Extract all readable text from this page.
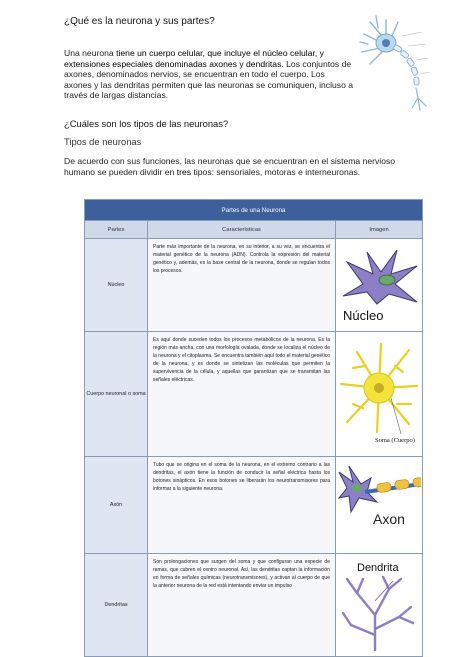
¿Qué es la neurona y sus partes?
Una neurona tiene un cuerpo celular, que incluye el núcleo celular, y extensiones especiales denominadas axones y dendritas. Los conjuntos de axones, denominados nervios, se encuentran en todo el cuerpo. Los axones y las dendritas permiten que las neuronas se comuniquen, incluso a través de largas distancias.
¿Cuáles son los tipos de las neuronas?
Tipos de neuronas
De acuerdo con sus funciones, las neuronas que se encuentran en el sistema nervioso humano se pueden dividir en tres tipos: sensoriales, motoras e interneuronas.
Partes de una Neurona		
Partes	Características	Imagen
Núcleo	Parte más importante de la neurona, en su interior, a su vez, se encuentra el material genético de la neurona (ADN). Controla la expresión del material genético y, además, es la base central de la neurona, donde se regulan todos los procesos.	Núcleo

Cuerpo neuronal o soma	Es aquí donde suceden todos los procesos metabólicos de la neurona. Es la región más ancha, con una morfología ovalada, donde se localiza el núcleo de la neurona y el citoplasma. Se encuentra también aquí todo el material genético de la neurona, y es donde se sintetizan las moléculas que permiten la supervivencia de la célula, y aquellas que garantizan que se transmitan las señales eléctricas.	Soma (Cuerpo)

Axón	Tubo que se origina en el soma de la neurona, en el extremo contrario a las dendritas, el axón tiene la función de conducir la señal eléctrica hasta los botones sinápticos. En esos botones se liberarán los neurotransmisores para informar a la siguiente neurona.	Axon

Dendritas	Son prolongaciones que surgen del soma y que configuran una especie de ramas, que cubren el centro neuronal. Así, las dendritas captan la información en forma de señales químicas (neurotransmisores), y activan al cuerpo de que la anterior neurona de la red está intentando enviar un impulso	Dendrita
